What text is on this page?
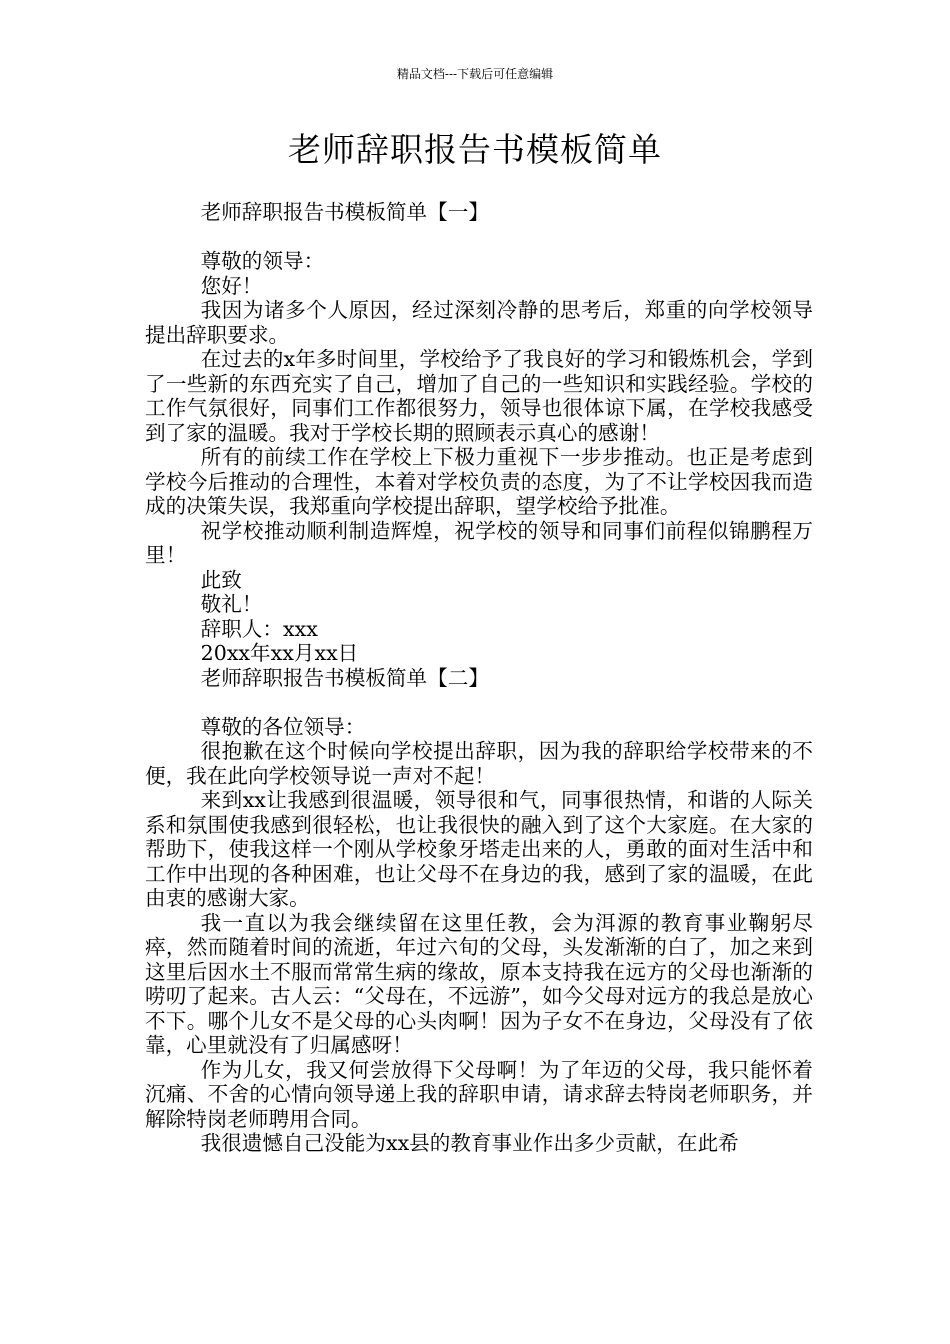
精品文档---下载后可任意编辑
老师辞职报告书模板简单

老师辞职报告书模板简单【一】

尊敬的领导：

您好！

我因为诸多个人原因，经过深刻冷静的思考后，郑重的向学校领导提出辞职要求。

在过去的x年多时间里，学校给予了我良好的学习和锻炼机会，学到了一些新的东西充实了自己，增加了自己的一些知识和实践经验。学校的工作气氛很好，同事们工作都很努力，领导也很体谅下属，在学校我感受到了家的温暖。我对于学校长期的照顾表示真心的感谢！

所有的前续工作在学校上下极力重视下一步步推动。也正是考虑到学校今后推动的合理性，本着对学校负责的态度，为了不让学校因我而造成的决策失误，我郑重向学校提出辞职，望学校给予批准。

祝学校推动顺利制造辉煌，祝学校的领导和同事们前程似锦鹏程万里！

此致

敬礼！

辞职人：xxx

20xx年xx月xx日

老师辞职报告书模板简单【二】

尊敬的各位领导：

很抱歉在这个时候向学校提出辞职，因为我的辞职给学校带来的不便，我在此向学校领导说一声对不起！

来到xx让我感到很温暖，领导很和气，同事很热情，和谐的人际关系和氛围使我感到很轻松，也让我很快的融入到了这个大家庭。在大家的帮助下，使我这样一个刚从学校象牙塔走出来的人，勇敢的面对生活中和工作中出现的各种困难，也让父母不在身边的我，感到了家的温暖，在此由衷的感谢大家。

我一直以为我会继续留在这里任教，会为洱源的教育事业鞠躬尽瘁，然而随着时间的流逝，年过六旬的父母，头发渐渐的白了，加之来到这里后因水土不服而常常生病的缘故，原本支持我在远方的父母也渐渐的唠叨了起来。古人云：“父母在，不远游”，如今父母对远方的我总是放心不下。哪个儿女不是父母的心头肉啊！因为子女不在身边，父母没有了依靠，心里就没有了归属感呀！

作为儿女，我又何尝放得下父母啊！为了年迈的父母，我只能怀着沉痛、不舍的心情向领导递上我的辞职申请，请求辞去特岗老师职务，并解除特岗老师聘用合同。

我很遗憾自己没能为xx县的教育事业作出多少贡献，在此希
